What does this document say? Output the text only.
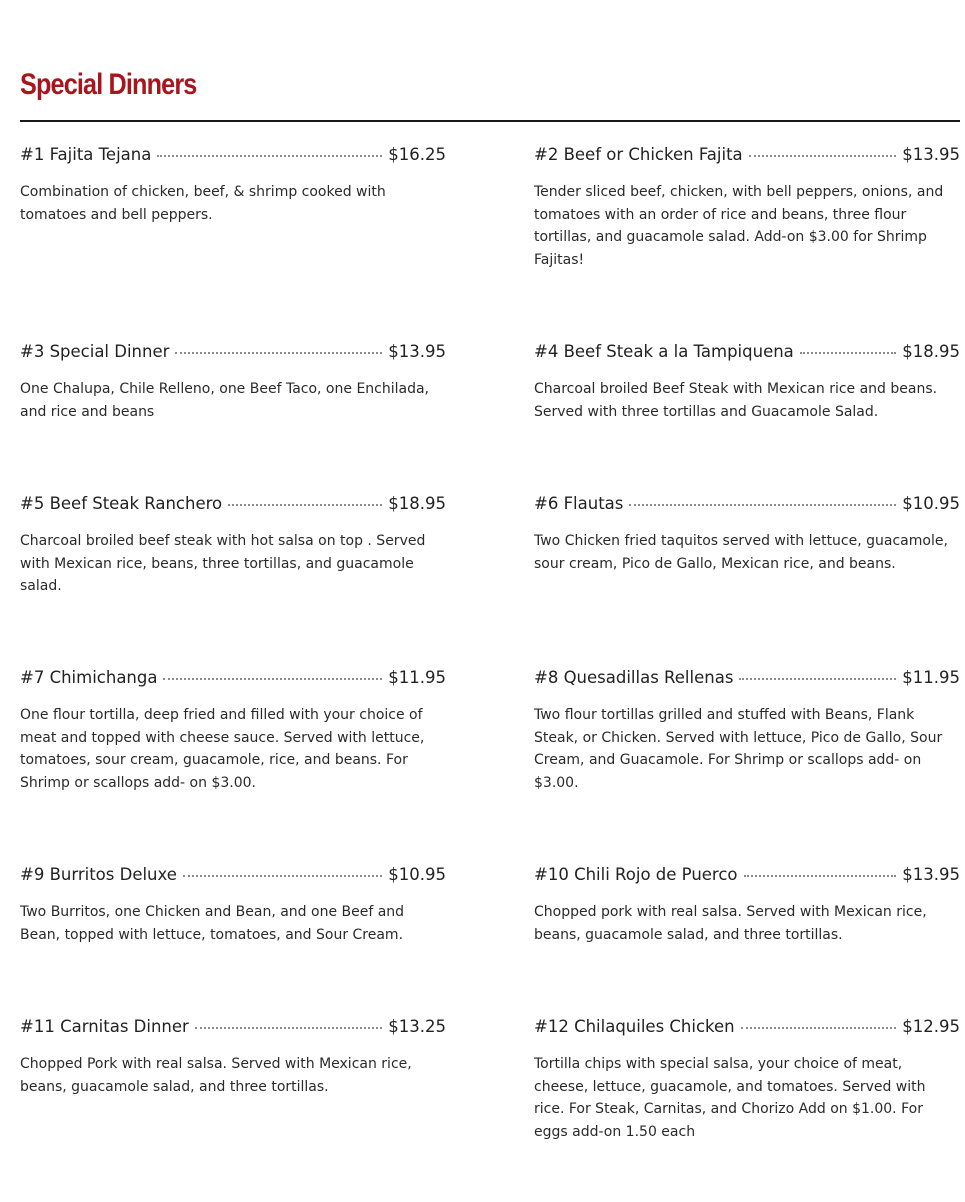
Special Dinners
#1 Fajita Tejana	$16.25

Combination of chicken, beef, & shrimp cooked with tomatoes and bell peppers.

#2 Beef or Chicken Fajita	$13.95

Tender sliced beef, chicken, with bell peppers, onions, and tomatoes with an order of rice and beans, three flour tortillas, and guacamole salad. Add-on $3.00 for Shrimp Fajitas!

#3 Special Dinner	$13.95

One Chalupa, Chile Relleno, one Beef Taco, one Enchilada, and rice and beans

#4 Beef Steak a la Tampiquena	$18.95

Charcoal broiled Beef Steak with Mexican rice and beans. Served with three tortillas and Guacamole Salad.

#5 Beef Steak Ranchero	$18.95

Charcoal broiled beef steak with hot salsa on top . Served with Mexican rice, beans, three tortillas, and guacamole salad.

#6 Flautas	$10.95

Two Chicken fried taquitos served with lettuce, guacamole, sour cream, Pico de Gallo, Mexican rice, and beans.

#7 Chimichanga	$11.95

One flour tortilla, deep fried and filled with your choice of meat and topped with cheese sauce. Served with lettuce, tomatoes, sour cream, guacamole, rice, and beans. For Shrimp or scallops add- on $3.00.

#8 Quesadillas Rellenas	$11.95

Two flour tortillas grilled and stuffed with Beans, Flank Steak, or Chicken. Served with lettuce, Pico de Gallo, Sour Cream, and Guacamole. For Shrimp or scallops add- on $3.00.

#9 Burritos Deluxe	$10.95

Two Burritos, one Chicken and Bean, and one Beef and Bean, topped with lettuce, tomatoes, and Sour Cream.

#10 Chili Rojo de Puerco	$13.95

Chopped pork with real salsa. Served with Mexican rice, beans, guacamole salad, and three tortillas.

#11 Carnitas Dinner	$13.25

Chopped Pork with real salsa. Served with Mexican rice, beans, guacamole salad, and three tortillas.

#12 Chilaquiles Chicken	$12.95

Tortilla chips with special salsa, your choice of meat, cheese, lettuce, guacamole, and tomatoes. Served with rice. For Steak, Carnitas, and Chorizo Add on $1.00. For eggs add-on 1.50 each
